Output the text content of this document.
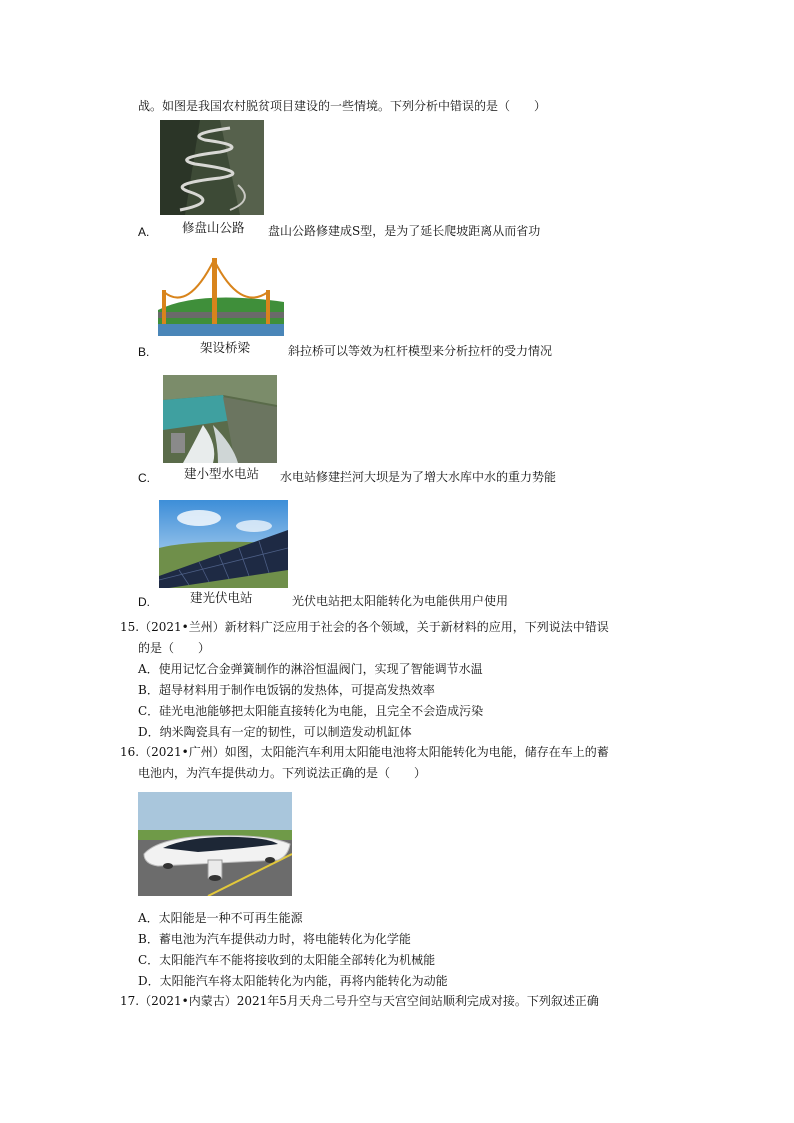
战。如图是我国农村脱贫项目建设的一些情境。下列分析中错误的是（　　）
A.	修盘山公路 盘山公路修建成S型，是为了延长爬坡距离从而省功
B.	架设桥梁	斜拉桥可以等效为杠杆模型来分析拉杆的受力情况
C.	建小型水电站 水电站修建拦河大坝是为了增大水库中水的重力势能
D.	建光伏电站	光伏电站把太阳能转化为电能供用户使用
15.（2021•兰州）新材料广泛应用于社会的各个领域，关于新材料的应用，下列说法中错误
的是（　　）
A．使用记忆合金弹簧制作的淋浴恒温阀门，实现了智能调节水温
B．超导材料用于制作电饭锅的发热体，可提高发热效率
C．硅光电池能够把太阳能直接转化为电能，且完全不会造成污染
D．纳米陶瓷具有一定的韧性，可以制造发动机缸体
16.（2021•广州）如图，太阳能汽车利用太阳能电池将太阳能转化为电能，储存在车上的蓄
电池内，为汽车提供动力。下列说法正确的是（　　）
A．太阳能是一种不可再生能源
B．蓄电池为汽车提供动力时，将电能转化为化学能
C．太阳能汽车不能将接收到的太阳能全部转化为机械能
D．太阳能汽车将太阳能转化为内能，再将内能转化为动能
17.（2021•内蒙古）2021年5月天舟二号升空与天宫空间站顺利完成对接。下列叙述正确
